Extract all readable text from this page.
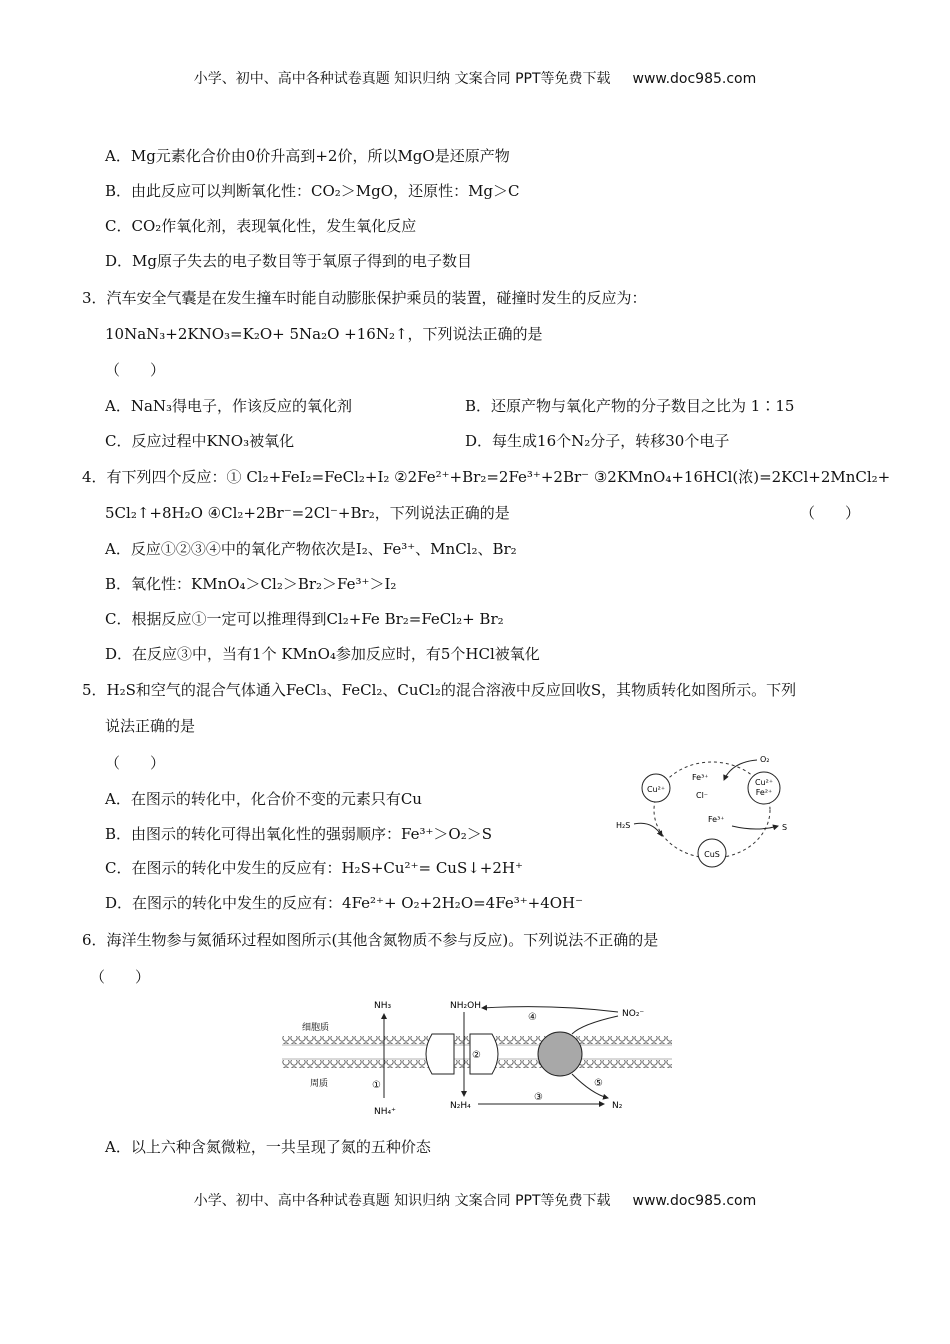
小学、初中、高中各种试卷真题 知识归纳 文案合同 PPT等免费下载 www.doc985.com
A．Mg元素化合价由0价升高到+2价，所以MgO是还原产物
B．由此反应可以判断氧化性：CO₂＞MgO，还原性：Mg＞C
C．CO₂作氧化剂，表现氧化性，发生氧化反应
D．Mg原子失去的电子数目等于氧原子得到的电子数目
3．汽车安全气囊是在发生撞车时能自动膨胀保护乘员的装置，碰撞时发生的反应为：
10NaN₃+2KNO₃=K₂O+ 5Na₂O +16N₂↑，下列说法正确的是
（　　）
A．NaN₃得电子，作该反应的氧化剂	B．还原产物与氧化产物的分子数目之比为 1∶15
C．反应过程中KNO₃被氧化	D．每生成16个N₂分子，转移30个电子
4．有下列四个反应：① Cl₂+FeI₂=FeCl₂+I₂ ②2Fe²⁺+Br₂=2Fe³⁺+2Br⁻ ③2KMnO₄+16HCl(浓)=2KCl+2MnCl₂+
5Cl₂↑+8H₂O ④Cl₂+2Br⁻=2Cl⁻+Br₂，下列说法正确的是	（　　）
A．反应①②③④中的氧化产物依次是I₂、Fe³⁺、MnCl₂、Br₂
B．氧化性：KMnO₄＞Cl₂＞Br₂＞Fe³⁺＞I₂
C．根据反应①一定可以推理得到Cl₂+Fe Br₂=FeCl₂+ Br₂
D．在反应③中，当有1个 KMnO₄参加反应时，有5个HCl被氧化
5．H₂S和空气的混合气体通入FeCl₃、FeCl₂、CuCl₂的混合溶液中反应回收S，其物质转化如图所示。下列
说法正确的是
（　　）
A．在图示的转化中，化合价不变的元素只有Cu
B．由图示的转化可得出氧化性的强弱顺序：Fe³⁺＞O₂＞S
C．在图示的转化中发生的反应有：H₂S+Cu²⁺= CuS↓+2H⁺
D．在图示的转化中发生的反应有：4Fe²⁺+ O₂+2H₂O=4Fe³⁺+4OH⁻
Cu²⁺
Cu²⁺
Fe²⁺
CuS
O₂
Fe³⁺
Cl⁻
H₂S
Fe³⁺
S
6．海洋生物参与氮循环过程如图所示(其他含氮物质不参与反应)。下列说法不正确的是
（　　）
细胞质
周质
NH₃
NH₄⁺
①
NH₂OH
②
N₂H₄
③
N₂
NO₂⁻
④
⑤
A．以上六种含氮微粒，一共呈现了氮的五种价态
小学、初中、高中各种试卷真题 知识归纳 文案合同 PPT等免费下载 www.doc985.com
